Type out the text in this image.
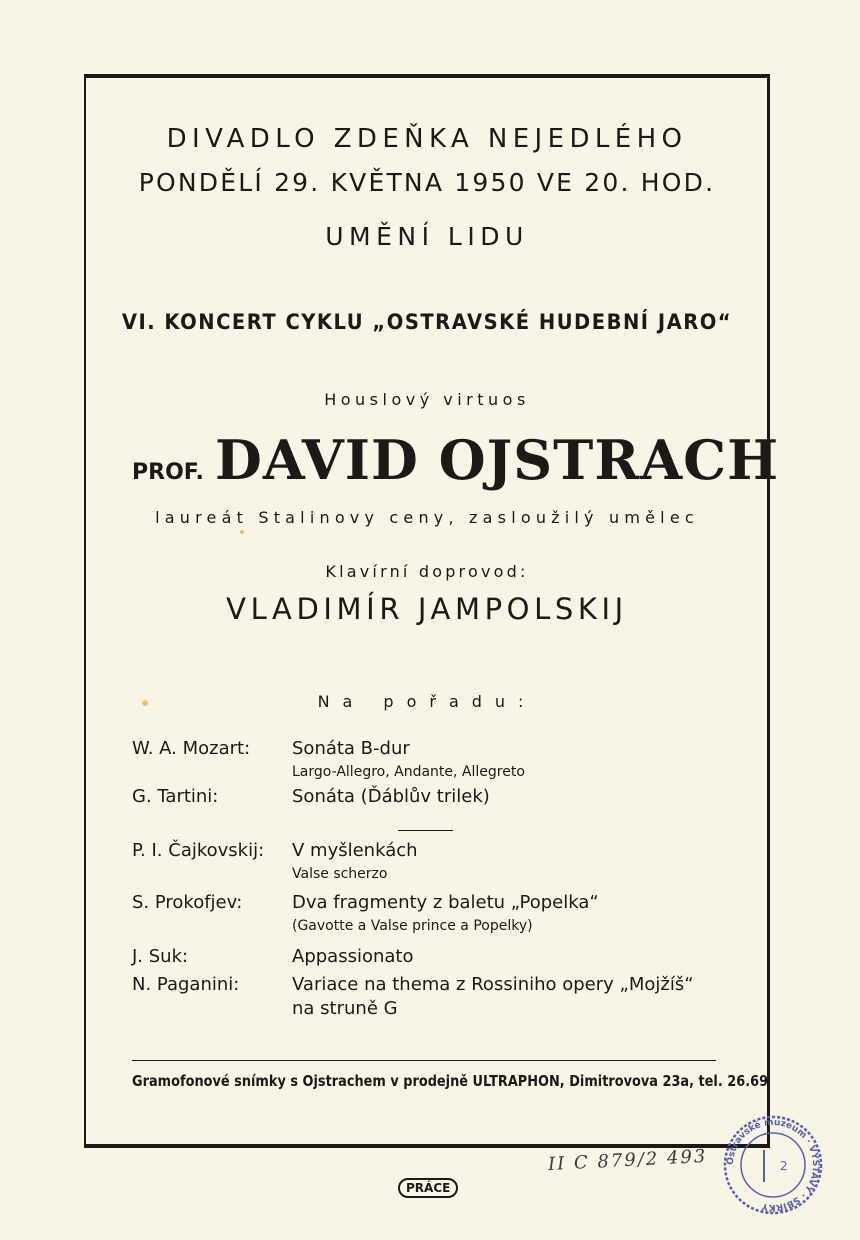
DIVADLO ZDEŇKA NEJEDLÉHO
PONDĚLÍ 29. KVĚTNA 1950 VE 20. HOD.
UMĚNÍ LIDU
VI. KONCERT CYKLU „OSTRAVSKÉ HUDEBNÍ JARO“
Houslový virtuos
PROF. DAVID OJSTRACH
laureát Stalinovy ceny, zasloužilý umělec
Klavírní doprovod:
VLADIMÍR JAMPOLSKIJ
Na pořadu:
W. A. Mozart: Sonáta B-dur
Largo-Allegro, Andante, Allegreto
G. Tartini:	Sonáta (Ďáblův trilek)
P. I. Čajkovskij: V myšlenkách
Valse scherzo
S. Prokofjev:	Dva fragmenty z baletu „Popelka“
(Gavotte a Valse prince a Popelky)
J. Suk:	Appassionato
N. Paganini:	Variace na thema z Rossiniho opery „Mojžíš“
na struně G
Gramofonové snímky s Ojstrachem v prodejně ULTRAPHON, Dimitrovova 23a, tel. 26.69
PRÁCE
II C 879/2 493 Ostravské muzeum · VÝSTAVY · SBÍRKY
2
